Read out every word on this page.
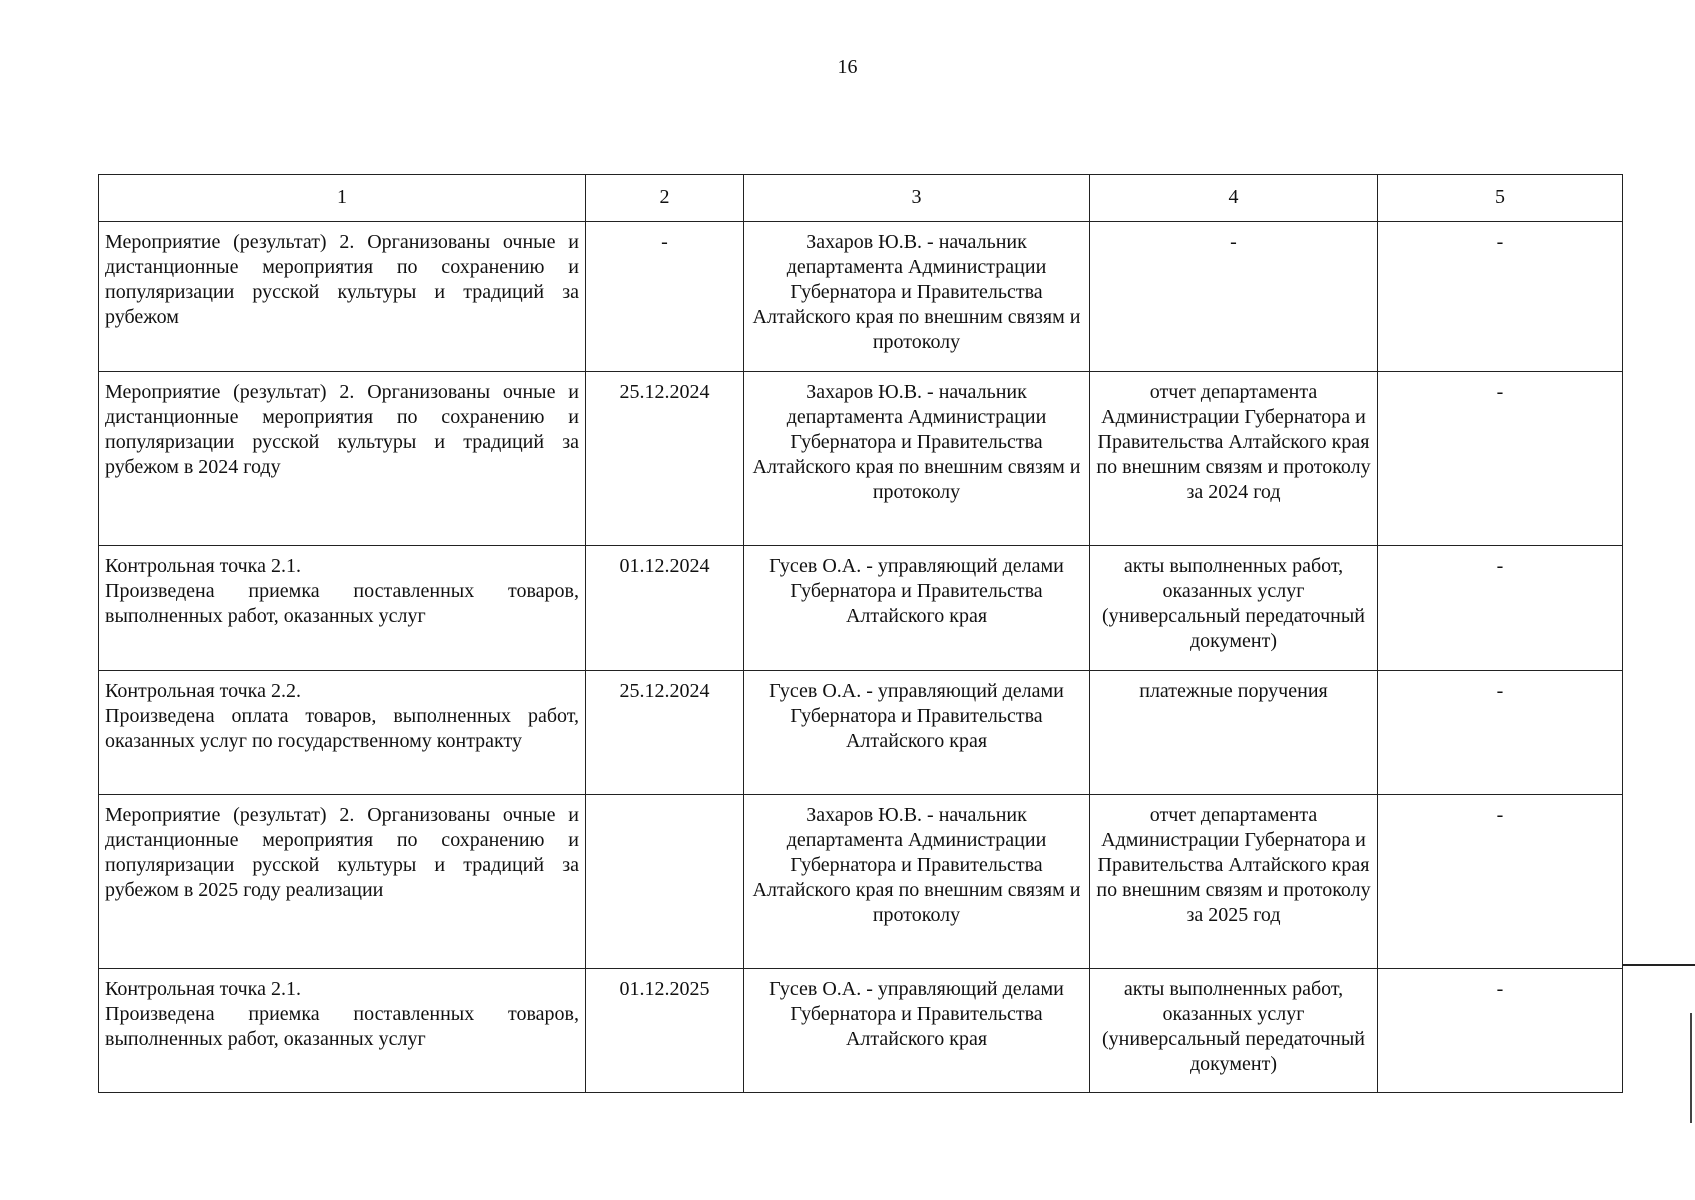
16
1	2	3	4	5
Мероприятие (результат) 2. Организованы очные и дистанционные мероприятия по сохранению и популяризации русской культуры и традиций за рубежом	-	Захаров Ю.В. - начальник департамента Администрации Губернатора и Правительства Алтайского края по внешним связям и протоколу	-	-
Мероприятие (результат) 2. Организованы очные и дистанционные мероприятия по сохранению и популяризации русской культуры и традиций за рубежом в 2024 году	25.12.2024	Захаров Ю.В. - начальник департамента Администрации Губернатора и Правительства Алтайского края по внешним связям и протоколу	отчет департамента Администрации Губернатора и Правительства Алтайского края по внешним связям и протоколу за 2024 год	-

Контрольная точка 2.1.
Произведена приемка поставленных товаров, выполненных работ, оказанных услуг	01.12.2024	Гусев О.А. - управляющий делами Губернатора и Правительства Алтайского края	акты выполненных работ, оказанных услуг (универсальный передаточный документ)	-

Контрольная точка 2.2.
Произведена оплата товаров, выполненных работ, оказанных услуг по государственному контракту	25.12.2024	Гусев О.А. - управляющий делами Губернатора и Правительства Алтайского края	платежные поручения	-
Мероприятие (результат) 2. Организованы очные и дистанционные мероприятия по сохранению и популяризации русской культуры и традиций за рубежом в 2025 году реализации		Захаров Ю.В. - начальник департамента Администрации Губернатора и Правительства Алтайского края по внешним связям и протоколу	отчет департамента Администрации Губернатора и Правительства Алтайского края по внешним связям и протоколу за 2025 год	-

Контрольная точка 2.1.
Произведена приемка поставленных товаров, выполненных работ, оказанных услуг	01.12.2025	Гусев О.А. - управляющий делами Губернатора и Правительства Алтайского края	акты выполненных работ, оказанных услуг (универсальный передаточный документ)	-
